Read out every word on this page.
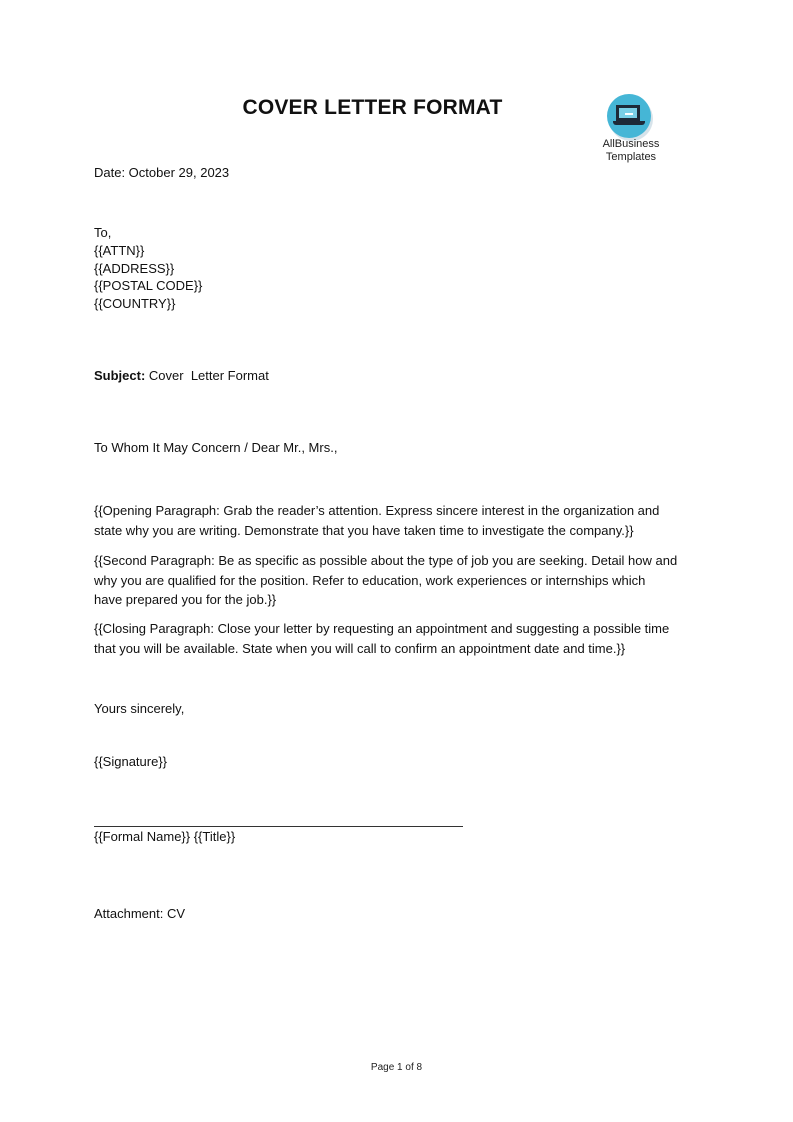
COVER LETTER FORMAT
AllBusiness
Templates
Date: October 29, 2023
To,
{{ATTN}}
{{ADDRESS}}
{{POSTAL CODE}}
{{COUNTRY}}
Subject: Cover  Letter Format
To Whom It May Concern / Dear Mr., Mrs.,
{{Opening Paragraph: Grab the reader’s attention. Express sincere interest in the organization and
state why you are writing. Demonstrate that you have taken time to investigate the company.}}
{{Second Paragraph: Be as specific as possible about the type of job you are seeking. Detail how and
why you are qualified for the position. Refer to education, work experiences or internships which
have prepared you for the job.}}
{{Closing Paragraph: Close your letter by requesting an appointment and suggesting a possible time
that you will be available. State when you will call to confirm an appointment date and time.}}
Yours sincerely,
{{Signature}}
{{Formal Name}} {{Title}}
Attachment: CV
Page 1 of 8
